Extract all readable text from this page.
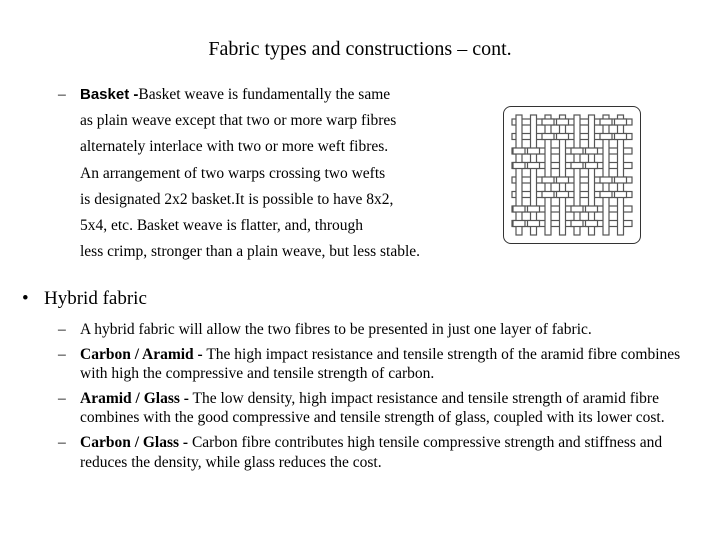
Fabric types and constructions – cont.
– Basket -Basket weave is fundamentally the same
as plain weave except that two or more warp fibres
alternately interlace with two or more weft fibres.
An arrangement of two warps crossing two wefts
is designated 2x2 basket.It is possible to have 8x2,
5x4, etc. Basket weave is flatter, and, through
less crimp, stronger than a plain weave, but less stable.
• Hybrid fabric
– A hybrid fabric will allow the two fibres to be presented in just one layer of fabric.
– Carbon / Aramid - The high impact resistance and tensile strength of the aramid fibre combines with high the compressive and tensile strength of carbon.
– Aramid / Glass - The low density, high impact resistance and tensile strength of aramid fibre combines with the good compressive and tensile strength of glass, coupled with its lower cost.
– Carbon / Glass - Carbon fibre contributes high tensile compressive strength and stiffness and reduces the density, while glass reduces the cost.
